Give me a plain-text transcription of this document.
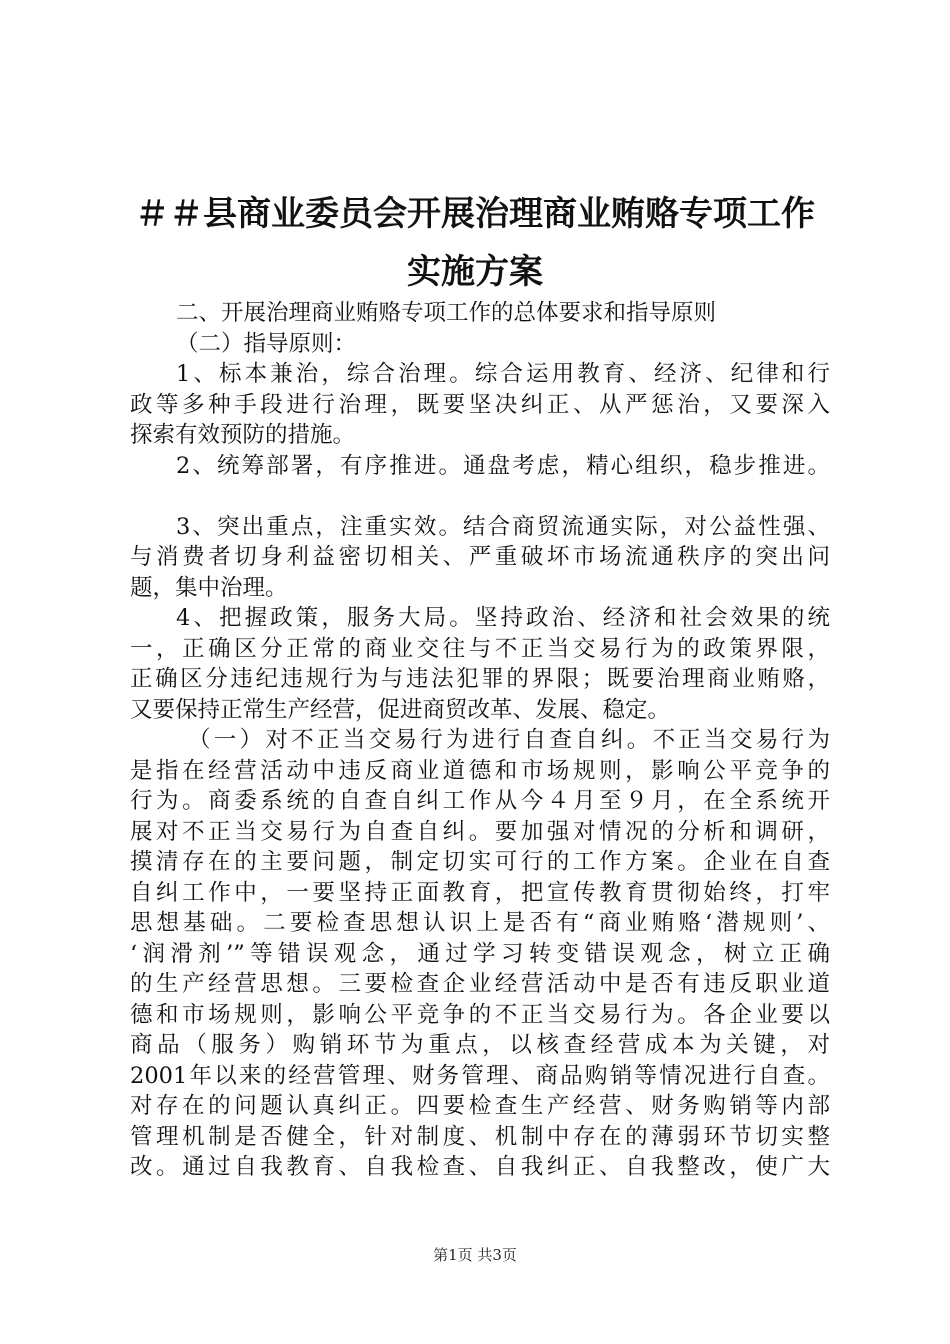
＃＃县商业委员会开展治理商业贿赂专项工作
实施方案
二、开展治理商业贿赂专项工作的总体要求和指导原则
（二）指导原则：
1、标本兼治，综合治理。综合运用教育、经济、纪律和行
政等多种手段进行治理，既要坚决纠正、从严惩治，又要深入
探索有效预防的措施。
2、统筹部署，有序推进。通盘考虑，精心组织，稳步推进。
3、突出重点，注重实效。结合商贸流通实际，对公益性强、
与消费者切身利益密切相关、严重破坏市场流通秩序的突出问
题，集中治理。
4、把握政策，服务大局。坚持政治、经济和社会效果的统
一，正确区分正常的商业交往与不正当交易行为的政策界限，
正确区分违纪违规行为与违法犯罪的界限；既要治理商业贿赂，
又要保持正常生产经营，促进商贸改革、发展、稳定。
（一）对不正当交易行为进行自查自纠。不正当交易行为
是指在经营活动中违反商业道德和市场规则，影响公平竞争的
行为。商委系统的自查自纠工作从今４月至９月，在全系统开
展对不正当交易行为自查自纠。要加强对情况的分析和调研，
摸清存在的主要问题，制定切实可行的工作方案。企业在自查
自纠工作中，一要坚持正面教育，把宣传教育贯彻始终，打牢
思想基础。二要检查思想认识上是否有“商业贿赂‘潜规则’、
‘润滑剂’”等错误观念，通过学习转变错误观念，树立正确
的生产经营思想。三要检查企业经营活动中是否有违反职业道
德和市场规则，影响公平竞争的不正当交易行为。各企业要以
商品（服务）购销环节为重点，以核查经营成本为关键，对
2001年以来的经营管理、财务管理、商品购销等情况进行自查。
对存在的问题认真纠正。四要检查生产经营、财务购销等内部
管理机制是否健全，针对制度、机制中存在的薄弱环节切实整
改。通过自我教育、自我检查、自我纠正、自我整改，使广大
第1页 共3页
